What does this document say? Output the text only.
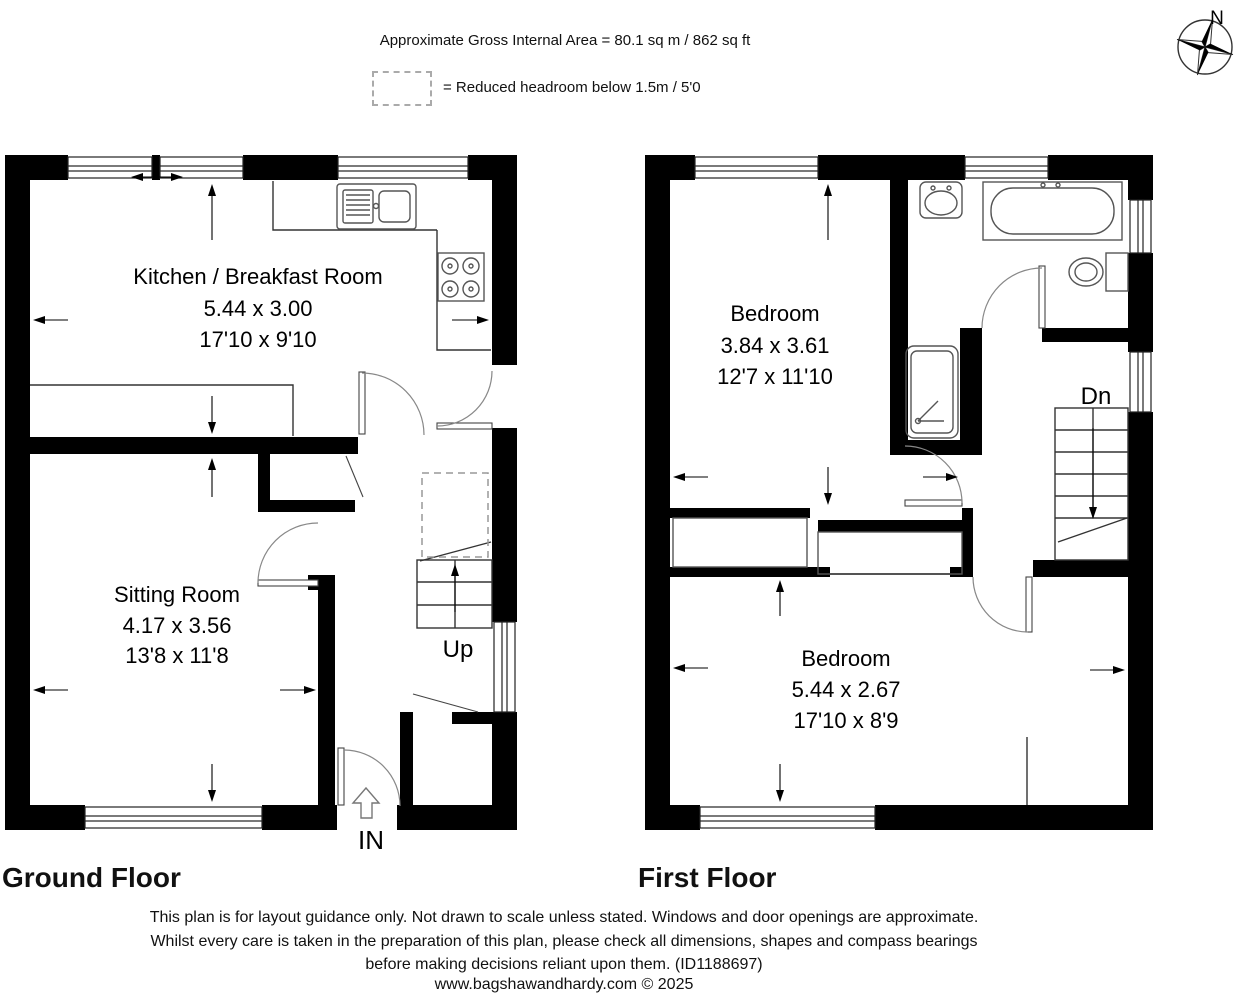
Approximate Gross Internal Area = 80.1 sq m / 862 sq ft
= Reduced headroom below 1.5m / 5'0
N
Kitchen / Breakfast Room
5.44 x 3.00
17'10 x 9'10
Sitting Room
4.17 x 3.56
13'8 x 11'8	Up
IN
Bedroom
3.84 x 3.61
12'7 x 11'10
Bedroom
5.44 x 2.67
17'10 x 8'9
Dn
Ground Floor	First Floor
This plan is for layout guidance only. Not drawn to scale unless stated. Windows and door openings are approximate.
Whilst every care is taken in the preparation of this plan, please check all dimensions, shapes and compass bearings
before making decisions reliant upon them. (ID1188697)
www.bagshawandhardy.com © 2025
